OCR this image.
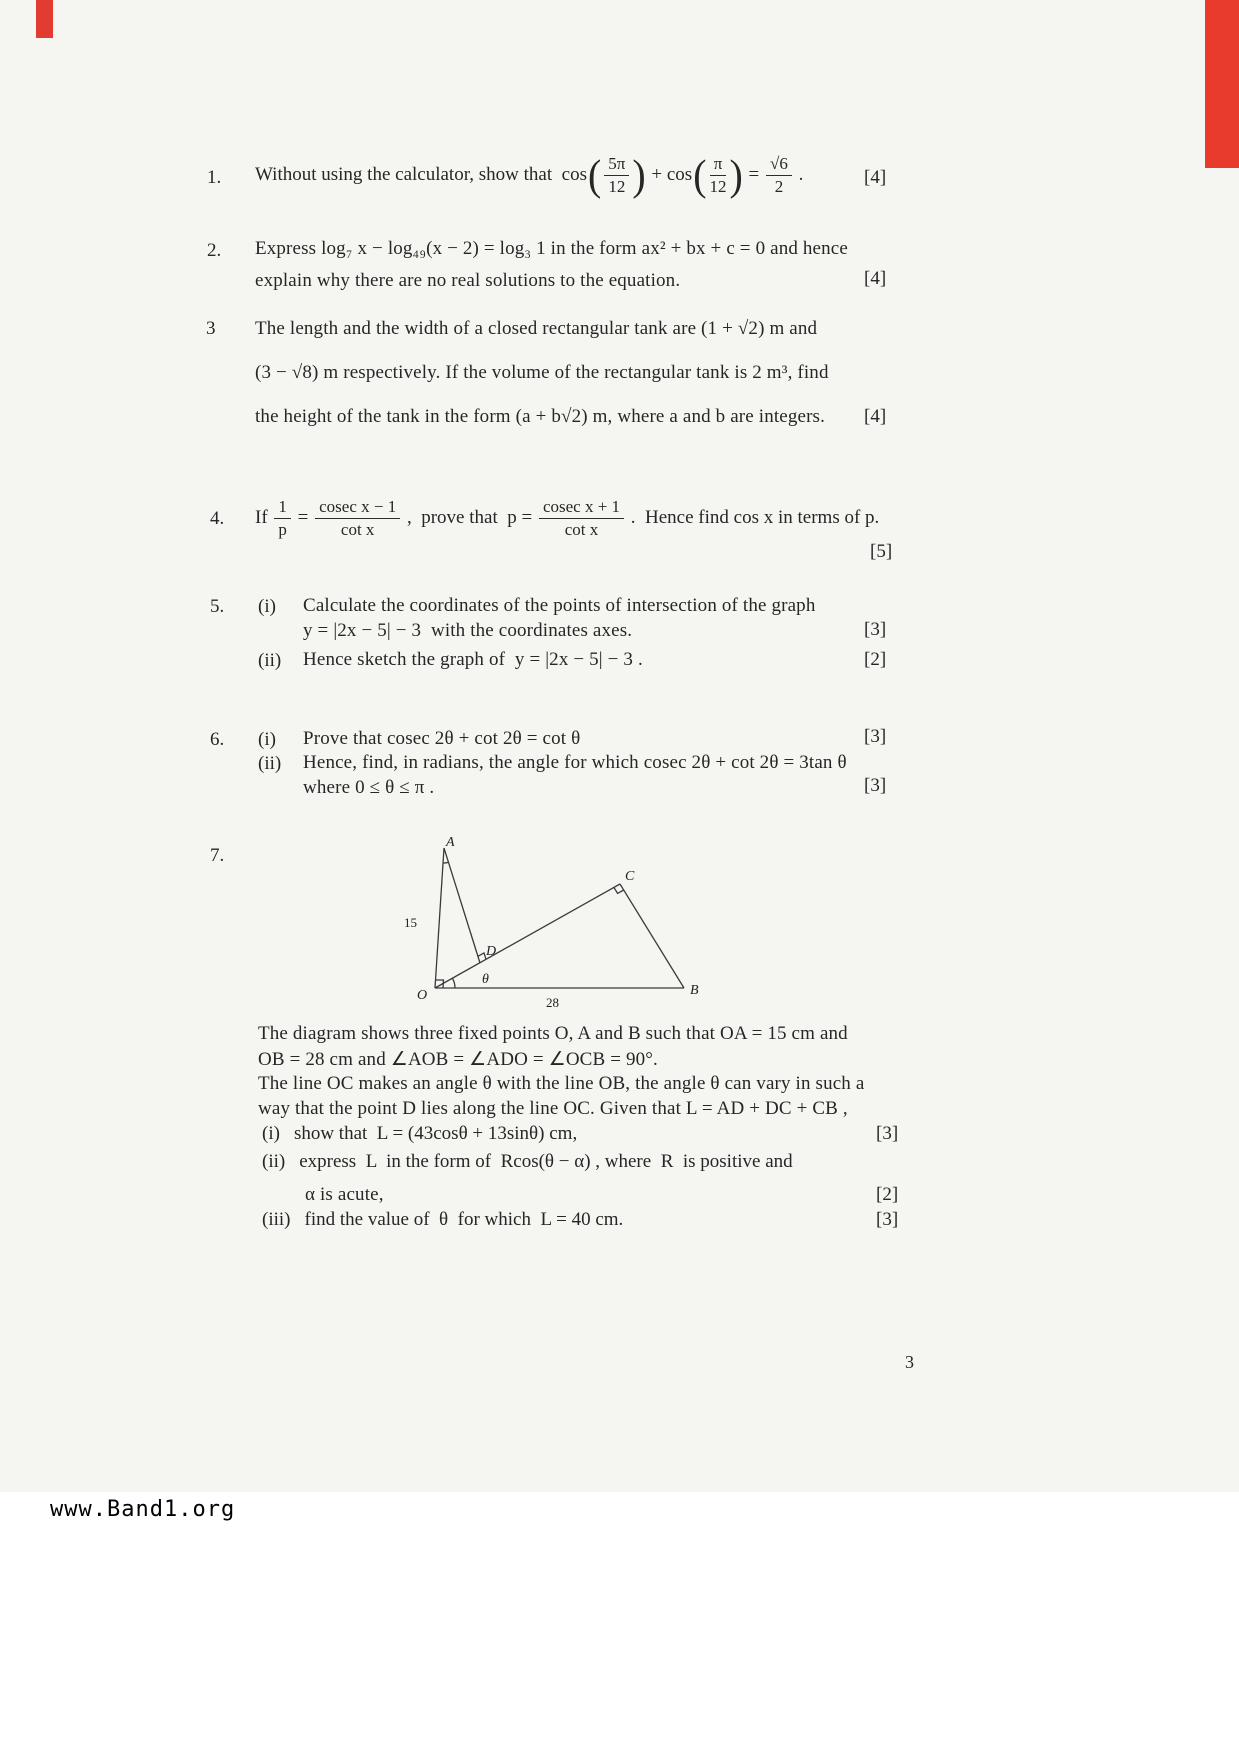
1. Without using the calculator, show that cos ( $\frac{5\pi}{12}$ ) + cos ( $\frac{\pi}{12}$ ) = $\frac{√6}{2}$ .	[4]
2. Express log₇ x − log₄₉(x − 2) = log₃ 1 in the form ax² + bx + c = 0 and hence
explain why there are no real solutions to the equation.	[4]
3 The length and the width of a closed rectangular tank are (1 + √2) m and
(3 − √8) m respectively. If the volume of the rectangular tank is 2 m³, find
the height of the tank in the form (a + b√2) m, where a and b are integers. [4]
4. If $\frac{1}{p} = \frac{\text{cosec x − 1}}{\text{cot x}}$ ,  prove that  $p = \frac{\text{cosec x + 1}}{\text{cot x}}$ .  Hence find cos x in terms of p.
[5]
5. (i) Calculate the coordinates of the points of intersection of the graph
y = |2x − 5| − 3  with the coordinates axes.	[3]
(ii) Hence sketch the graph of  y = |2x − 5| − 3 .	[2]
6. (i) Prove that cosec 2θ + cot 2θ = cot θ	[3]
(ii) Hence, find, in radians, the angle for which cosec 2θ + cot 2θ = 3tan θ
where 0 ≤ θ ≤ π .	[3]
7.
A
C
D
B
O
15
28
θ
The diagram shows three fixed points O, A and B such that OA = 15 cm and
OB = 28 cm and ∠AOB = ∠ADO = ∠OCB = 90°.
The line OC makes an angle θ with the line OB, the angle θ can vary in such a
way that the point D lies along the line OC. Given that L = AD + DC + CB ,
(i) show that  L = (43cosθ + 13sinθ) cm,	[3]
(ii) express  L  in the form of  Rcos(θ − α) , where  R  is positive and
α is acute,	[2]
(iii) find the value of  θ  for which  L = 40 cm.	[3]
3
www.Band1.org
